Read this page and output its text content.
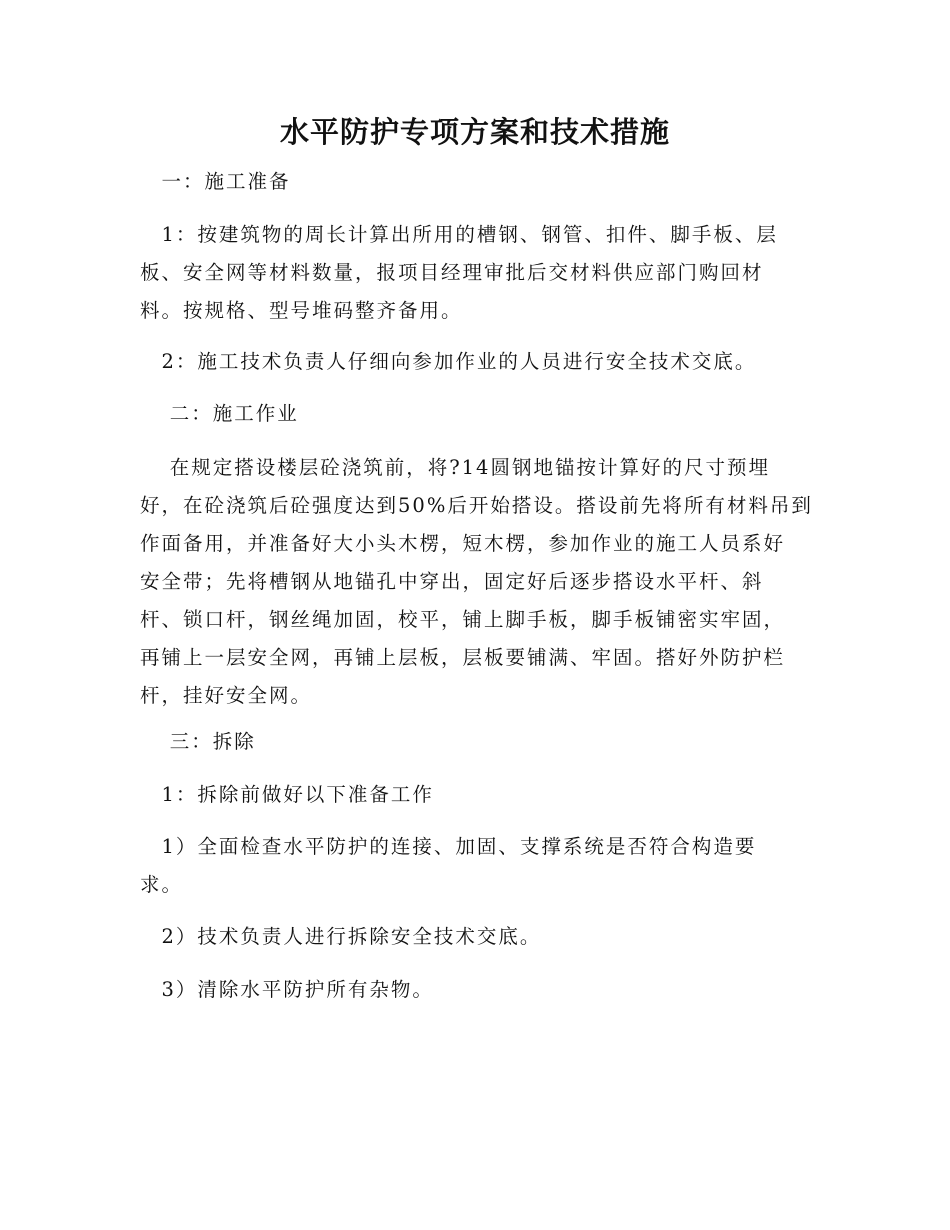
水平防护专项方案和技术措施
　一：施工准备
　1：按建筑物的周长计算出所用的槽钢、钢管、扣件、脚手板、层
板、安全网等材料数量，报项目经理审批后交材料供应部门购回材
料。按规格、型号堆码整齐备用。
　2：施工技术负责人仔细向参加作业的人员进行安全技术交底。
　 二：施工作业
　 在规定搭设楼层砼浇筑前，将?14圆钢地锚按计算好的尺寸预埋
好，在砼浇筑后砼强度达到50%后开始搭设。搭设前先将所有材料吊到
作面备用，并准备好大小头木楞，短木楞，参加作业的施工人员系好
安全带；先将槽钢从地锚孔中穿出，固定好后逐步搭设水平杆、斜
杆、锁口杆，钢丝绳加固，校平，铺上脚手板，脚手板铺密实牢固，
再铺上一层安全网，再铺上层板，层板要铺满、牢固。搭好外防护栏
杆，挂好安全网。
　 三：拆除
　1：拆除前做好以下准备工作
　1）全面检查水平防护的连接、加固、支撑系统是否符合构造要
求。
　2）技术负责人进行拆除安全技术交底。
　3）清除水平防护所有杂物。
